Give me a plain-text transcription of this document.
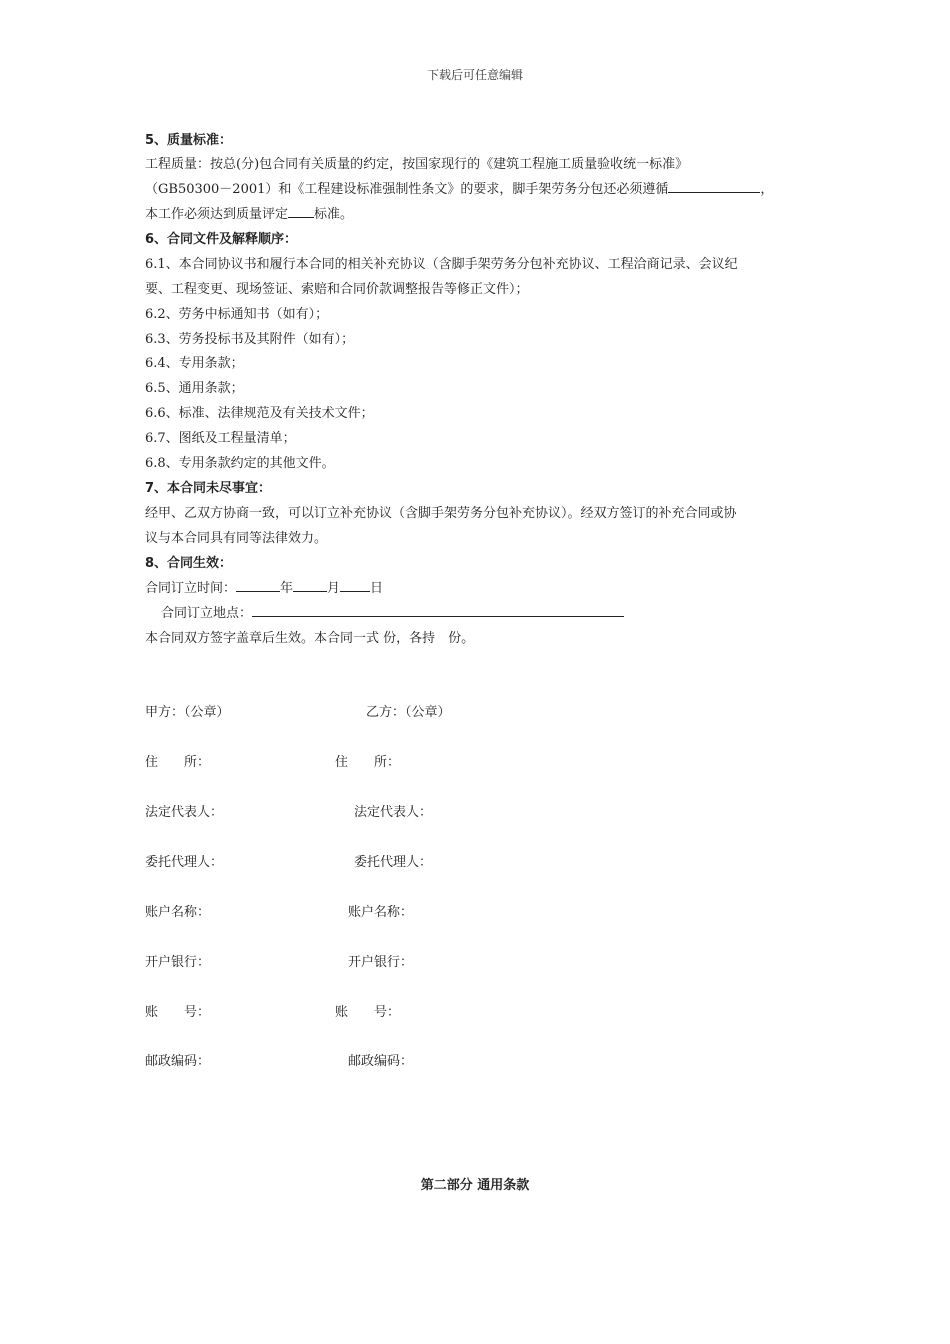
下载后可任意编辑
5、质量标准：
工程质量：按总(分)包合同有关质量的约定，按国家现行的《建筑工程施工质量验收统一标准》
（GB50300－2001）和《工程建设标准强制性条文》的要求，脚手架劳务分包还必须遵循	，
本工作必须达到质量评定 标准。
6、合同文件及解释顺序：
6.1、本合同协议书和履行本合同的相关补充协议（含脚手架劳务分包补充协议、工程洽商记录、会议纪
要、工程变更、现场签证、索赔和合同价款调整报告等修正文件）；
6.2、劳务中标通知书（如有）；
6.3、劳务投标书及其附件（如有）；
6.4、专用条款；
6.5、通用条款；
6.6、标准、法律规范及有关技术文件；
6.7、图纸及工程量清单；
6.8、专用条款约定的其他文件。
7、本合同未尽事宜：
经甲、乙双方协商一致，可以订立补充协议（含脚手架劳务分包补充协议）。经双方签订的补充合同或协
议与本合同具有同等法律效力。
8、合同生效：
合同订立时间：	年	月 日
合同订立地点：
本合同双方签字盖章后生效。本合同一式 份，各持　份。
甲方：（公章）	乙方：（公章）
住　　所：	住　　所：
法定代表人：	法定代表人：
委托代理人：	委托代理人：
账户名称：	账户名称：
开户银行：	开户银行：
账　　号：	账　　号：
邮政编码：	邮政编码：
第二部分 通用条款
